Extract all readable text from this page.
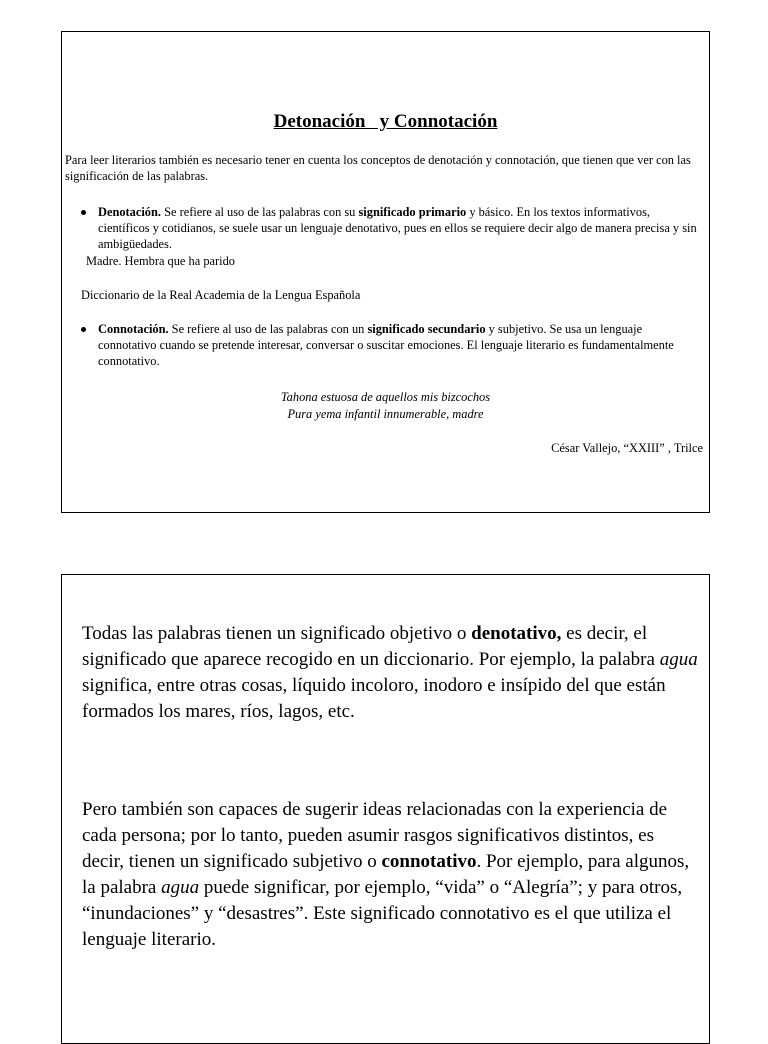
Detonación   y Connotación
Para leer literarios también es necesario tener en cuenta los conceptos de denotación y connotación, que tienen que ver con las significación de las palabras.
Denotación. Se refiere al uso de las palabras con su significado primario y básico. En los textos informativos, científicos y cotidianos, se suele usar un lenguaje denotativo, pues en ellos se requiere decir algo de manera precisa y sin ambigüedades.
Madre. Hembra que ha parido
Diccionario de la Real Academia de la Lengua Española
Connotación. Se refiere al uso de las palabras con un significado secundario y subjetivo. Se usa un lenguaje connotativo cuando se pretende interesar, conversar o suscitar emociones. El lenguaje literario es fundamentalmente connotativo.
Tahona estuosa de aquellos mis bizcochos
Pura yema infantil innumerable, madre
César Vallejo, “XXIII” , Trilce
Todas las palabras tienen un significado objetivo o denotativo, es decir, el significado que aparece recogido en un diccionario. Por ejemplo, la palabra agua significa, entre otras cosas, líquido incoloro, inodoro e insípido del que están formados los mares, ríos, lagos, etc.
Pero también son capaces de sugerir ideas relacionadas con la experiencia de cada persona; por lo tanto, pueden asumir rasgos significativos distintos, es decir, tienen un significado subjetivo o connotativo. Por ejemplo, para algunos, la palabra agua puede significar, por ejemplo, “vida” o “Alegría”; y para otros, “inundaciones” y “desastres”. Este significado connotativo es el que utiliza el lenguaje literario.
